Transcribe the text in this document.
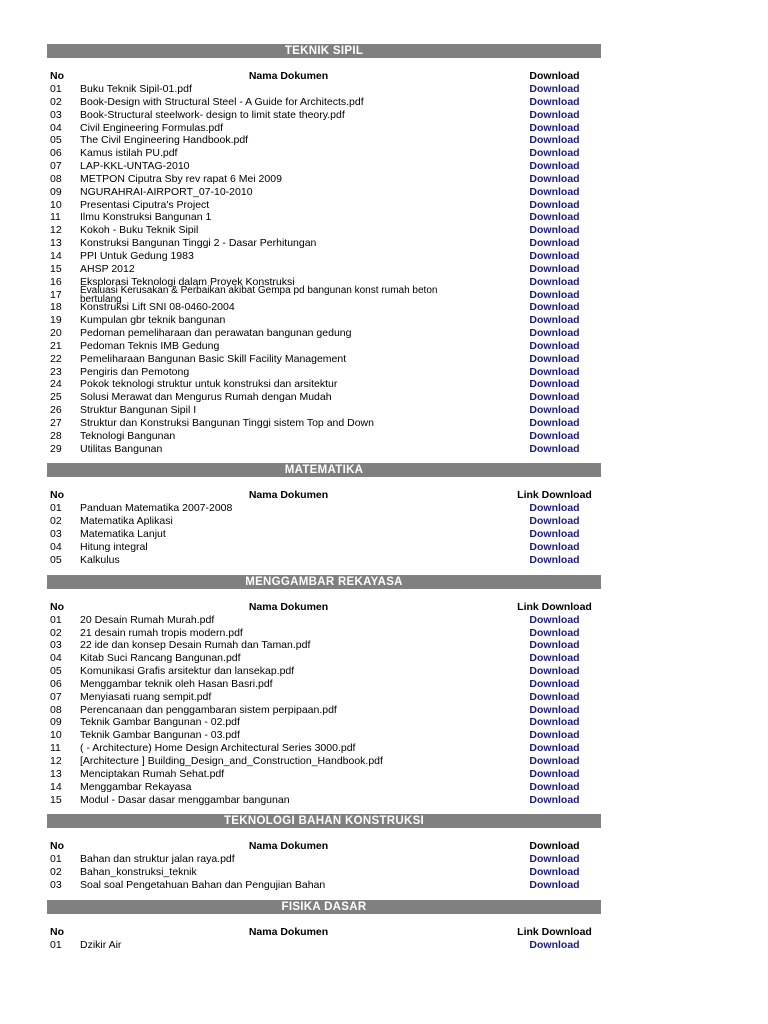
TEKNIK SIPIL
No	Nama Dokumen	Download
01 Buku Teknik Sipil-01.pdf	Download
02 Book-Design with Structural Steel - A Guide for Architects.pdf	Download
03 Book-Structural steelwork- design to limit state theory.pdf	Download
04 Civil Engineering Formulas.pdf	Download
05 The Civil Engineering Handbook.pdf	Download
06 Kamus istilah PU.pdf	Download
07 LAP-KKL-UNTAG-2010	Download
08 METPON Ciputra Sby rev rapat 6 Mei 2009	Download
09 NGURAHRAI-AIRPORT_07-10-2010	Download
10 Presentasi Ciputra's Project	Download
11 Ilmu Konstruksi Bangunan 1	Download
12 Kokoh - Buku Teknik Sipil	Download
13 Konstruksi Bangunan Tinggi 2 - Dasar Perhitungan	Download
14 PPI Untuk Gedung 1983	Download
15 AHSP 2012	Download
16 Eksplorasi Teknologi dalam Proyek Konstruksi	Download
17 Evaluasi Kerusakan & Perbaikan akibat Gempa pd bangunan konst rumah beton bertulang	Download
18 Konstruksi Lift SNI 08-0460-2004	Download
19 Kumpulan gbr teknik bangunan	Download
20 Pedoman pemeliharaan dan perawatan bangunan gedung	Download
21 Pedoman Teknis IMB Gedung	Download
22 Pemeliharaan Bangunan Basic Skill Facility Management	Download
23 Pengiris dan Pemotong	Download
24 Pokok teknologi struktur untuk konstruksi dan arsitektur	Download
25 Solusi Merawat dan Mengurus Rumah dengan Mudah	Download
26 Struktur Bangunan Sipil I	Download
27 Struktur dan Konstruksi Bangunan Tinggi sistem Top and Down	Download
28 Teknologi Bangunan	Download
29 Utilitas Bangunan	Download
MATEMATIKA
No	Nama Dokumen	Link Download
01 Panduan Matematika 2007-2008	Download
02 Matematika Aplikasi	Download
03 Matematika Lanjut	Download
04 Hitung integral	Download
05 Kalkulus	Download
MENGGAMBAR REKAYASA
No	Nama Dokumen	Link Download
01 20 Desain Rumah Murah.pdf	Download
02 21 desain rumah tropis modern.pdf	Download
03 22 ide dan konsep Desain Rumah dan Taman.pdf	Download
04 Kitab Suci Rancang Bangunan.pdf	Download
05 Komunikasi Grafis arsitektur dan lansekap.pdf	Download
06 Menggambar teknik oleh Hasan Basri.pdf	Download
07 Menyiasati ruang sempit.pdf	Download
08 Perencanaan dan penggambaran sistem perpipaan.pdf	Download
09 Teknik Gambar Bangunan - 02.pdf	Download
10 Teknik Gambar Bangunan - 03.pdf	Download
11 ( - Architecture) Home Design Architectural Series 3000.pdf	Download
12 [Architecture ] Building_Design_and_Construction_Handbook.pdf	Download
13 Menciptakan Rumah Sehat.pdf	Download
14 Menggambar Rekayasa	Download
15 Modul - Dasar dasar menggambar bangunan	Download
TEKNOLOGI BAHAN KONSTRUKSI
No	Nama Dokumen	Download
01 Bahan dan struktur jalan raya.pdf	Download
02 Bahan_konstruksi_teknik	Download
03 Soal soal Pengetahuan Bahan dan Pengujian Bahan	Download
FISIKA DASAR
No	Nama Dokumen	Link Download
01 Dzikir Air	Download
